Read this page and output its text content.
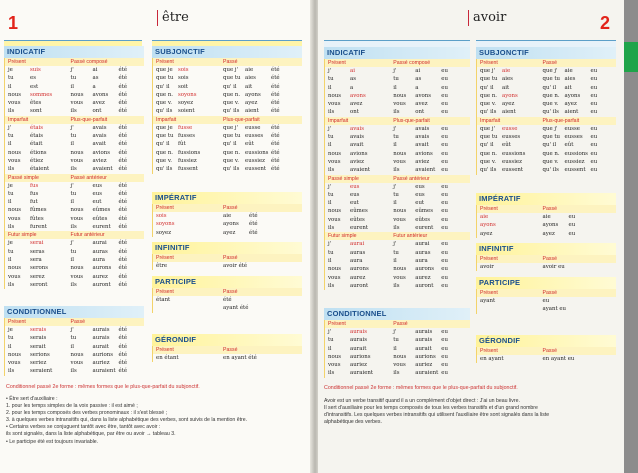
1	être	2
avoir
Conditionnel passé 2e forme : mêmes formes que le plus-que-parfait du subjonctif.	Conditionnel passé 2e forme : mêmes formes que le plus-que-parfait du subjonctif.
• Être sert d'auxiliaire :
1. pour les temps simples de la voix passive : il est aimé ;
2. pour les temps composés des verbes pronominaux : il s'est blessé ;
3. à quelques verbes intransitifs qui, dans la liste alphabétique des verbes, sont suivis de la mention être.
• Certains verbes se conjuguent tantôt avec être, tantôt avec avoir :
ils sont signalés, dans la liste alphabétique, par être ou avoir → tableau 3.
• Le participe été est toujours invariable.
Avoir est un verbe transitif quand il a un complément d'objet direct : J'ai un beau livre.
Il sert d'auxiliaire pour les temps composés de tous les verbes transitifs et d'un grand nombre
d'intransitifs. Les quelques verbes intransitifs qui utilisent l'auxiliaire être sont signalés dans la liste
alphabétique des verbes.
INDICATIF
Présent	Passé composé
je	suis
tu	es
il	est
nous	sommes
vous	êtes
ils	sont
j'	ai	été
tu	as	été
il	a	été
nous	avons	été
vous	avez	été
ils	ont	été
Imparfait	Plus-que-parfait
j'	étais
tu	étais
il	était
nous	étions
vous	étiez
ils	étaient
j'	avais	été
tu	avais	été
il	avait	été
nous	avions	été
vous	aviez	été
ils	avaient	été
Passé simple	Passé antérieur
je	fus
tu	fus
il	fut
nous	fûmes
vous	fûtes
ils	furent
j'	eus	été
tu	eus	été
il	eut	été
nous	eûmes	été
vous	eûtes	été
ils	eurent	été
Futur simple	Futur antérieur
je	serai
tu	seras
il	sera
nous	serons
vous	serez
ils	seront
j'	aurai	été
tu	auras	été
il	aura	été
nous	aurons	été
vous	aurez	été
ils	auront	été
CONDITIONNEL
Présent	Passé
je	serais
tu	serais
il	serait
nous	serions
vous	seriez
ils	seraient
j'	aurais	été
tu	aurais	été
il	aurait	été
nous	aurions	été
vous	auriez	été
ils	auraient été
SUBJONCTIF
Présent	Passé
que je sois
que tu sois
qu' il	soit
que n. soyons
que v.	soyez
qu' ils	soient
que j'	aie	été
que tu aies	été
qu' il	ait	été
que n. ayons	été
que v.	ayez	été
qu' ils	aient	été
Imparfait	Plus-que-parfait
que je fusse
que tu fusses
qu' il	fût
que n. fussions
que v.	fussiez
qu' ils	fussent
que j'	eusse	été
que tu eusses	été
qu' il	eût	été
que n. eussions été
que v.	eussiez	été
qu' ils	eussent été
IMPÉRATIF
Présent	Passé
sois
soyons
soyez
aie	été
ayons	été
ayez	été
INFINITIF
Présent	Passé
être	avoir été
PARTICIPE
Présent	Passé
étant	été
ayant été
GÉRONDIF
Présent	Passé
en étant	en ayant été
INDICATIF
Présent	Passé composé
j'	ai
tu	as
il	a
nous	avons
vous	avez
ils	ont
j'	ai	eu
tu	as	eu
il	a	eu
nous	avons	eu
vous	avez	eu
ils	ont	eu
Imparfait	Plus-que-parfait
j'	avais
tu	avais
il	avait
nous	avions
vous	aviez
ils	avaient
j'	avais	eu
tu	avais	eu
il	avait	eu
nous	avions	eu
vous	aviez	eu
ils	avaient	eu
Passé simple	Passé antérieur
j'	eus
tu	eus
il	eut
nous	eûmes
vous	eûtes
ils	eurent
j'	eus	eu
tu	eus	eu
il	eut	eu
nous	eûmes	eu
vous	eûtes	eu
ils	eurent	eu
Futur simple	Futur antérieur
j'	aurai
tu	auras
il	aura
nous	aurons
vous	aurez
ils	auront
j'	aurai	eu
tu	auras	eu
il	aura	eu
nous	aurons	eu
vous	aurez	eu
ils	auront	eu
CONDITIONNEL
Présent	Passé
j'	aurais
tu	aurais
il	aurait
nous	aurions
vous	auriez
ils	auraient
j'	aurais	eu
tu	aurais	eu
il	aurait	eu
nous	aurions	eu
vous	auriez	eu
ils	auraient eu
SUBJONCTIF
Présent	Passé
que j'	aie
que tu aies
qu' il	ait
que n. ayons
que v.	ayez
qu' ils	aient
que j'	aie	eu
que tu aies	eu
qu' il	ait	eu
que n. ayons	eu
que v.	ayez	eu
qu' ils	aient	eu
Imparfait	Plus-que-parfait
que j'	eusse
que tu eusses
qu' il	eût
que n. eussions
que v.	eussiez
qu' ils	eussent
que j'	eusse	eu
que tu eusses	eu
qu' il	eût	eu
que n. eussions eu
que v.	eussiez	eu
qu' ils	eussent eu
IMPÉRATIF
Présent	Passé
aie
ayons
ayez
aie	eu
ayons	eu
ayez	eu
INFINITIF
Présent	Passé
avoir	avoir eu
PARTICIPE
Présent	Passé
ayant	eu
ayant eu
GÉRONDIF
Présent	Passé
en ayant	en ayant eu
